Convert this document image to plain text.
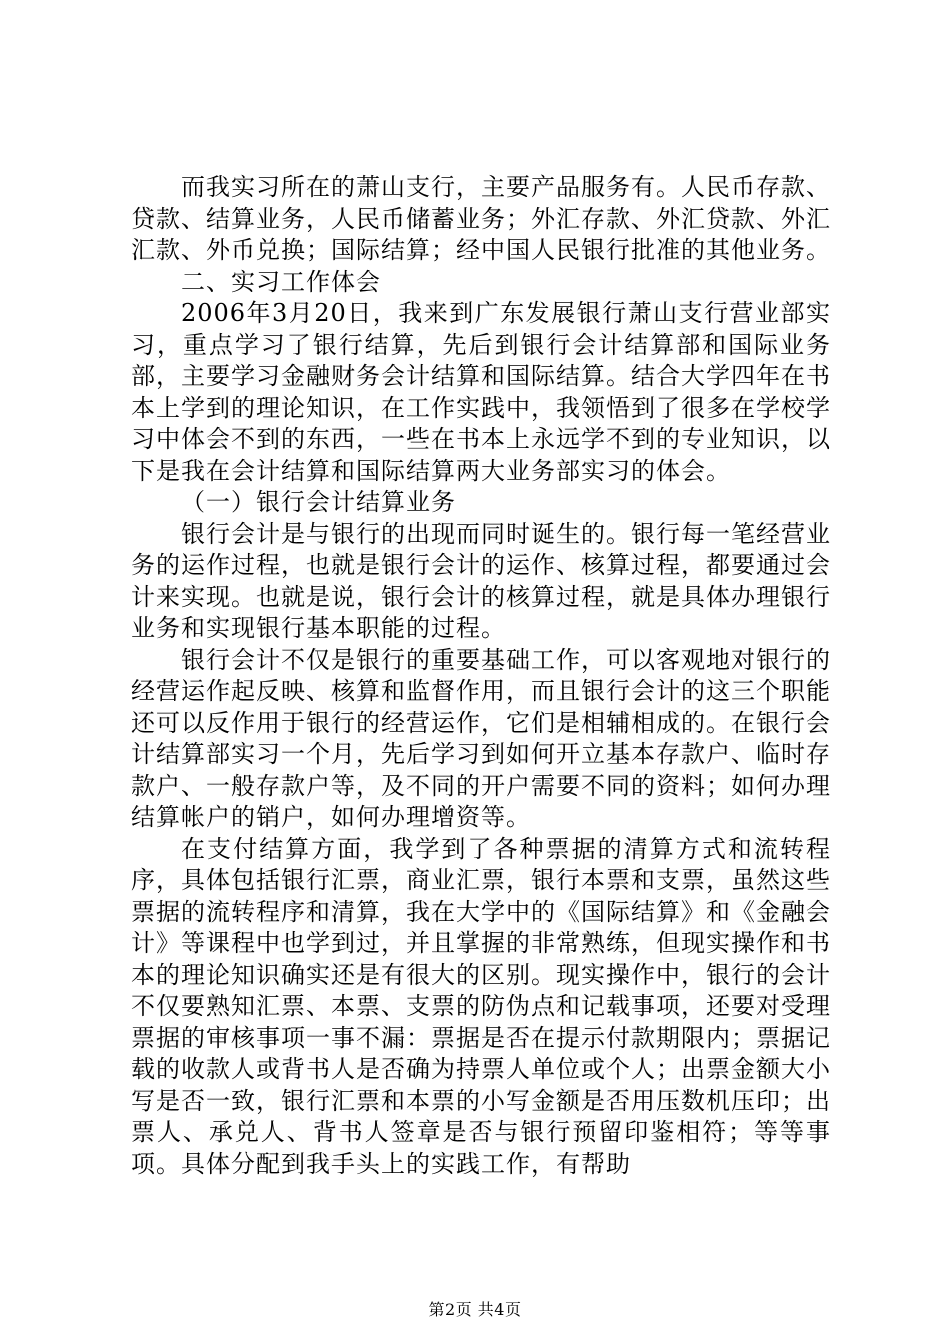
而我实习所在的萧山支行，主要产品服务有。人民币存款、贷款、结算业务，人民币储蓄业务；外汇存款、外汇贷款、外汇汇款、外币兑换；国际结算；经中国人民银行批准的其他业务。

二、实习工作体会

2006年3月20日，我来到广东发展银行萧山支行营业部实习，重点学习了银行结算，先后到银行会计结算部和国际业务部，主要学习金融财务会计结算和国际结算。结合大学四年在书本上学到的理论知识，在工作实践中，我领悟到了很多在学校学习中体会不到的东西，一些在书本上永远学不到的专业知识，以下是我在会计结算和国际结算两大业务部实习的体会。

（一）银行会计结算业务

银行会计是与银行的出现而同时诞生的。银行每一笔经营业务的运作过程，也就是银行会计的运作、核算过程，都要通过会计来实现。也就是说，银行会计的核算过程，就是具体办理银行业务和实现银行基本职能的过程。

银行会计不仅是银行的重要基础工作，可以客观地对银行的经营运作起反映、核算和监督作用，而且银行会计的这三个职能还可以反作用于银行的经营运作，它们是相辅相成的。在银行会计结算部实习一个月，先后学习到如何开立基本存款户、临时存款户、一般存款户等，及不同的开户需要不同的资料；如何办理结算帐户的销户，如何办理增资等。

在支付结算方面，我学到了各种票据的清算方式和流转程序，具体包括银行汇票，商业汇票，银行本票和支票，虽然这些票据的流转程序和清算，我在大学中的《国际结算》和《金融会计》等课程中也学到过，并且掌握的非常熟练，但现实操作和书本的理论知识确实还是有很大的区别。现实操作中，银行的会计不仅要熟知汇票、本票、支票的防伪点和记载事项，还要对受理票据的审核事项一事不漏：票据是否在提示付款期限内；票据记载的收款人或背书人是否确为持票人单位或个人；出票金额大小写是否一致，银行汇票和本票的小写金额是否用压数机压印；出票人、承兑人、背书人签章是否与银行预留印鉴相符；等等事项。具体分配到我手头上的实践工作，有帮助

第2页 共4页
